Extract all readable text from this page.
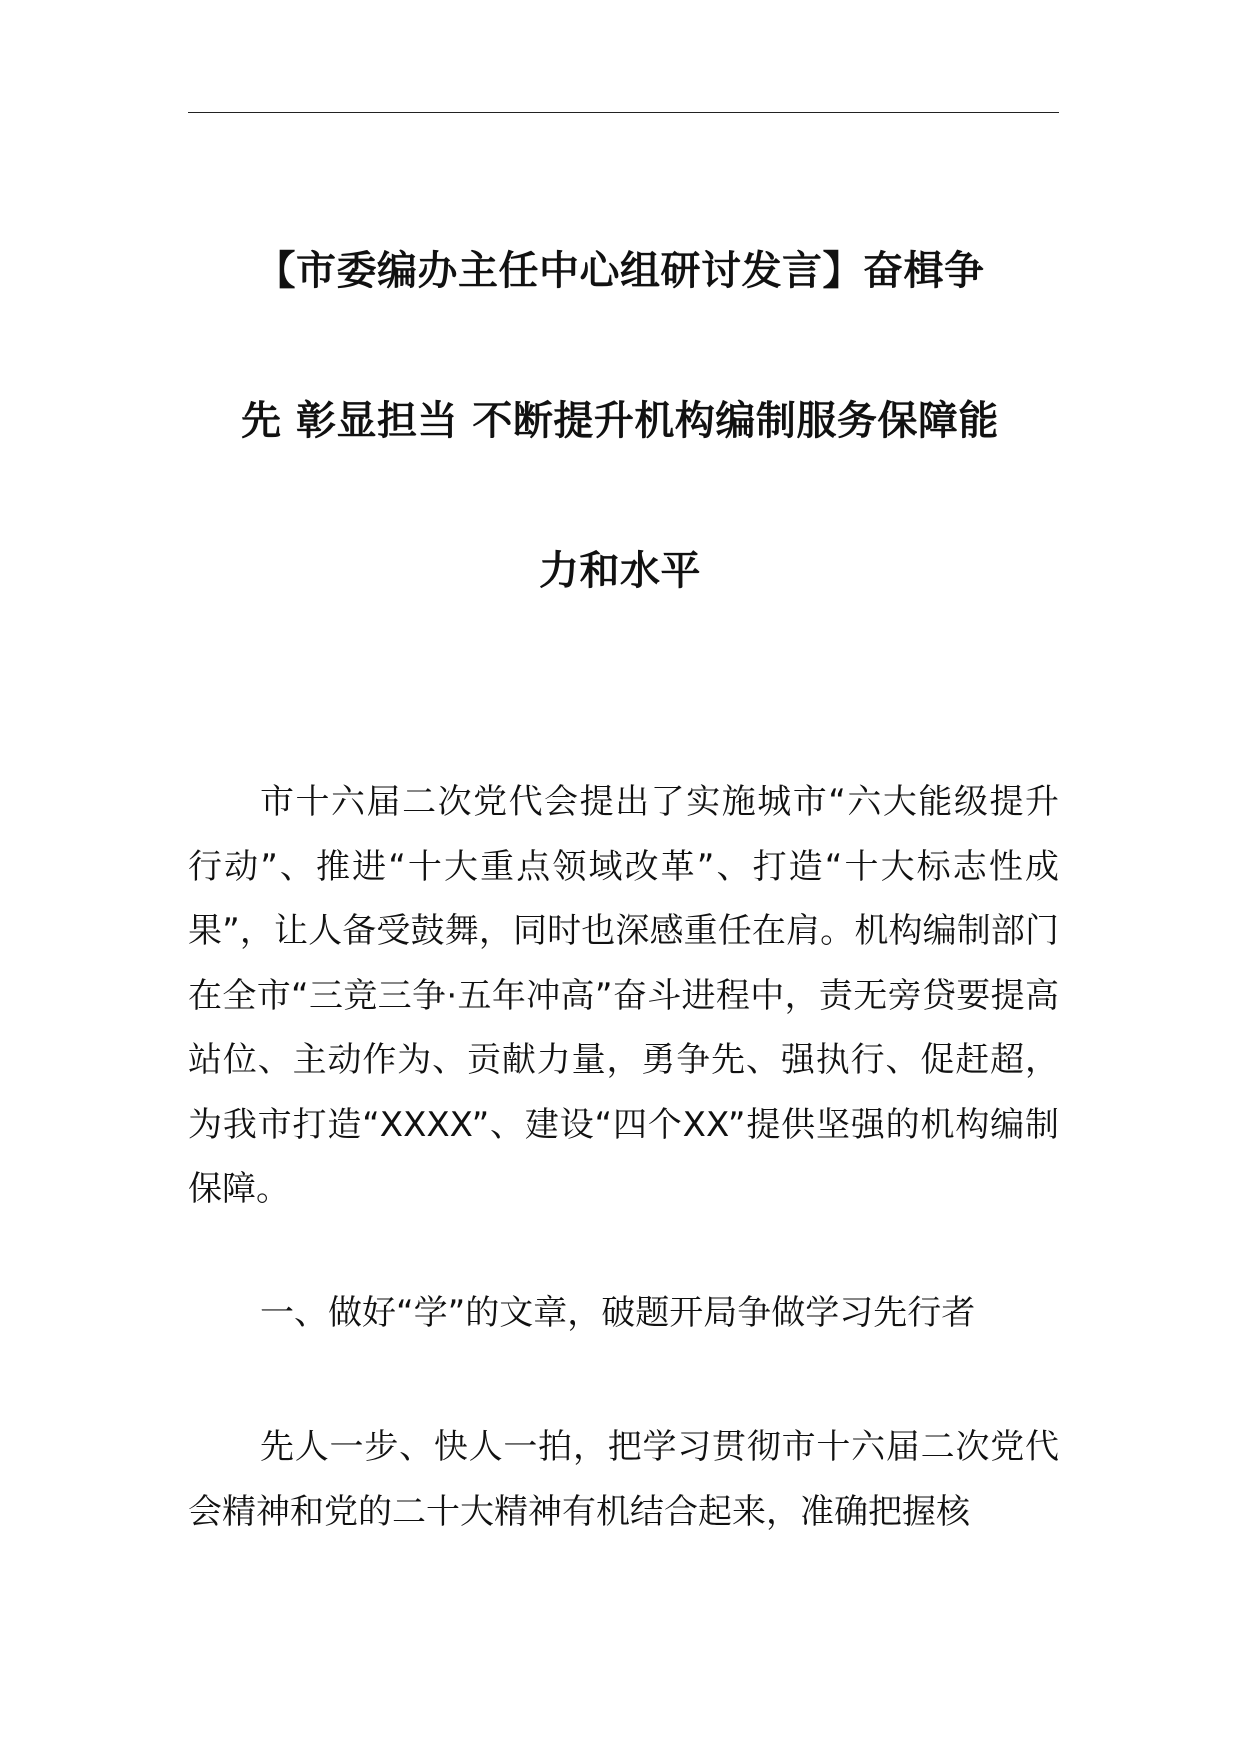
【市委编办主任中心组研讨发言】奋楫争
先 彰显担当 不断提升机构编制服务保障能
力和水平

市十六届二次党代会提出了实施城市“六大能级提升行动”、推进“十大重点领域改革”、打造“十大标志性成果”，让人备受鼓舞，同时也深感重任在肩。机构编制部门在全市“三竞三争·五年冲高”奋斗进程中，责无旁贷要提高站位、主动作为、贡献力量，勇争先、强执行、促赶超，为我市打造“XXXX”、建设“四个XX”提供坚强的机构编制保障。

一、做好“学”的文章，破题开局争做学习先行者

先人一步、快人一拍，把学习贯彻市十六届二次党代会精神和党的二十大精神有机结合起来，准确把握核
